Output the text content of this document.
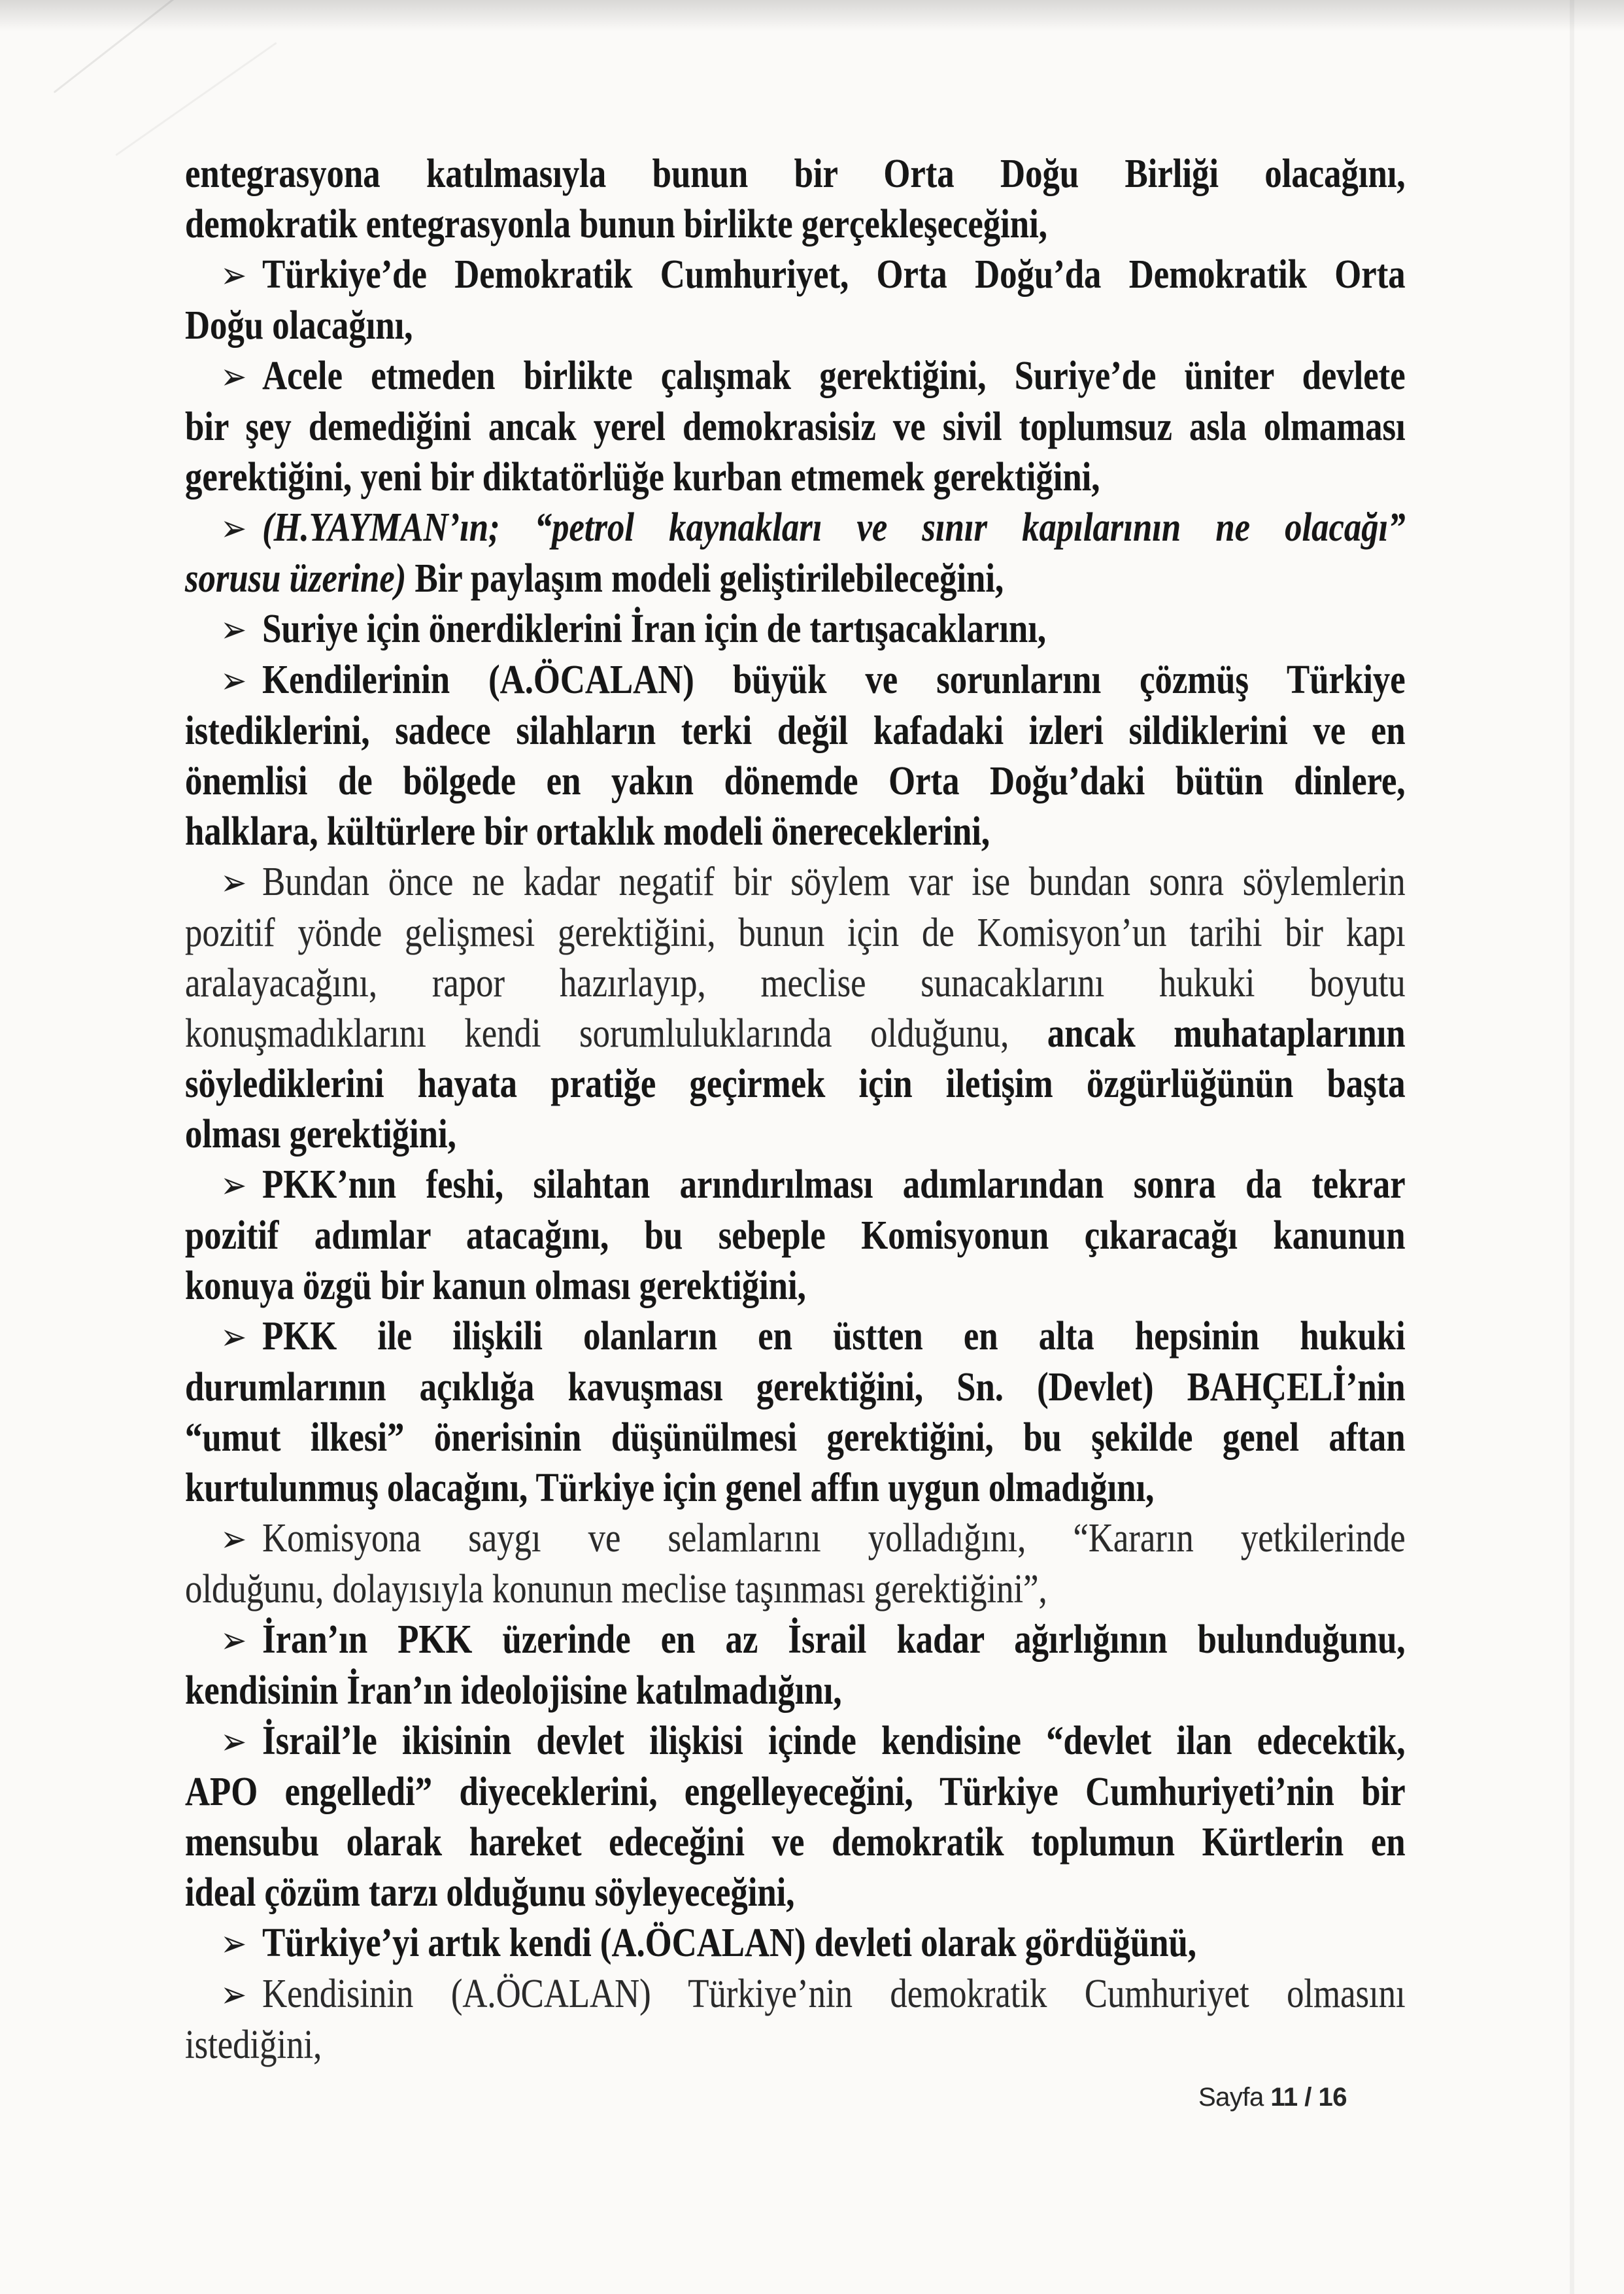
entegrasyona katılmasıyla bunun bir Orta Doğu Birliği olacağını,
demokratik entegrasyonla bunun birlikte gerçekleşeceğini,
➢ Türkiye’de Demokratik Cumhuriyet, Orta Doğu’da Demokratik Orta
Doğu olacağını,
➢ Acele etmeden birlikte çalışmak gerektiğini, Suriye’de üniter devlete
bir şey demediğini ancak yerel demokrasisiz ve sivil toplumsuz asla olmaması
gerektiğini, yeni bir diktatörlüğe kurban etmemek gerektiğini,
➢ (H.YAYMAN’ın; “petrol kaynakları ve sınır kapılarının ne olacağı”
sorusu üzerine) Bir paylaşım modeli geliştirilebileceğini,
➢ Suriye için önerdiklerini İran için de tartışacaklarını,
➢ Kendilerinin (A.ÖCALAN) büyük ve sorunlarını çözmüş Türkiye
istediklerini, sadece silahların terki değil kafadaki izleri sildiklerini ve en
önemlisi de bölgede en yakın dönemde Orta Doğu’daki bütün dinlere,
halklara, kültürlere bir ortaklık modeli önereceklerini,
➢ Bundan önce ne kadar negatif bir söylem var ise bundan sonra söylemlerin
pozitif yönde gelişmesi gerektiğini, bunun için de Komisyon’un tarihi bir kapı
aralayacağını, rapor hazırlayıp, meclise sunacaklarını hukuki boyutu
konuşmadıklarını kendi sorumluluklarında olduğunu, ancak muhataplarının
söylediklerini hayata pratiğe geçirmek için iletişim özgürlüğünün başta
olması gerektiğini,
➢ PKK’nın feshi, silahtan arındırılması adımlarından sonra da tekrar
pozitif adımlar atacağını, bu sebeple Komisyonun çıkaracağı kanunun
konuya özgü bir kanun olması gerektiğini,
➢ PKK ile ilişkili olanların en üstten en alta hepsinin hukuki
durumlarının açıklığa kavuşması gerektiğini, Sn. (Devlet) BAHÇELİ’nin
“umut ilkesi” önerisinin düşünülmesi gerektiğini, bu şekilde genel aftan
kurtulunmuş olacağını, Türkiye için genel affın uygun olmadığını,
➢ Komisyona saygı ve selamlarını yolladığını, “Kararın yetkilerinde
olduğunu, dolayısıyla konunun meclise taşınması gerektiğini”,
➢ İran’ın PKK üzerinde en az İsrail kadar ağırlığının bulunduğunu,
kendisinin İran’ın ideolojisine katılmadığını,
➢ İsrail’le ikisinin devlet ilişkisi içinde kendisine “devlet ilan edecektik,
APO engelledi” diyeceklerini, engelleyeceğini, Türkiye Cumhuriyeti’nin bir
mensubu olarak hareket edeceğini ve demokratik toplumun Kürtlerin en
ideal çözüm tarzı olduğunu söyleyeceğini,
➢ Türkiye’yi artık kendi (A.ÖCALAN) devleti olarak gördüğünü,
➢ Kendisinin (A.ÖCALAN) Türkiye’nin demokratik Cumhuriyet olmasını
istediğini,
Sayfa 11 / 16
